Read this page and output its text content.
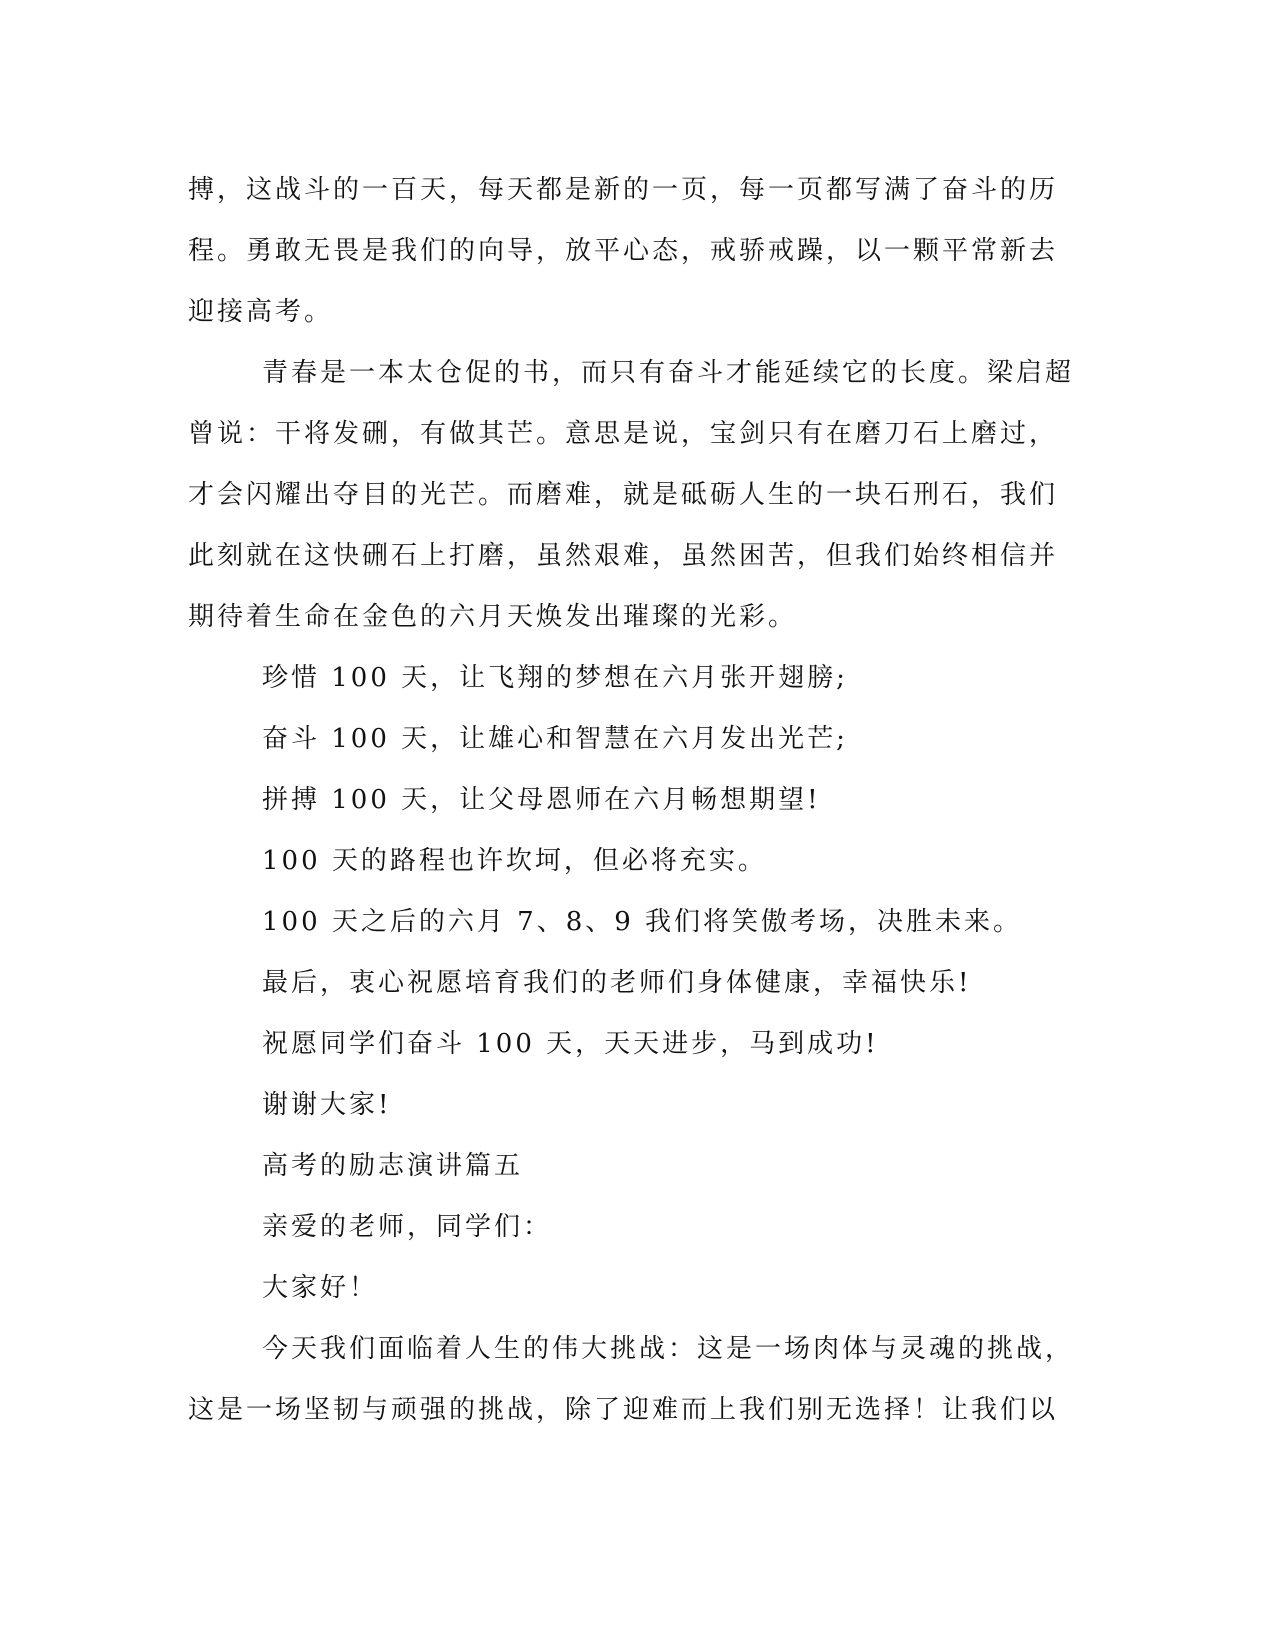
搏，这战斗的一百天，每天都是新的一页，每一页都写满了奋斗的历
程。勇敢无畏是我们的向导，放平心态，戒骄戒躁，以一颗平常新去
迎接高考。
青春是一本太仓促的书，而只有奋斗才能延续它的长度。梁启超
曾说：干将发硎，有做其芒。意思是说，宝剑只有在磨刀石上磨过，
才会闪耀出夺目的光芒。而磨难，就是砥砺人生的一块石刑石，我们
此刻就在这快硎石上打磨，虽然艰难，虽然困苦，但我们始终相信并
期待着生命在金色的六月天焕发出璀璨的光彩。
珍惜 100 天，让飞翔的梦想在六月张开翅膀;
奋斗 100 天，让雄心和智慧在六月发出光芒;
拼搏 100 天，让父母恩师在六月畅想期望!
100 天的路程也许坎坷，但必将充实。
100 天之后的六月 7、8、9 我们将笑傲考场，决胜未来。
最后，衷心祝愿培育我们的老师们身体健康，幸福快乐!
祝愿同学们奋斗 100 天，天天进步，马到成功!
谢谢大家!
高考的励志演讲篇五
亲爱的老师，同学们：
大家好！
今天我们面临着人生的伟大挑战：这是一场肉体与灵魂的挑战，
这是一场坚韧与顽强的挑战，除了迎难而上我们别无选择！让我们以
